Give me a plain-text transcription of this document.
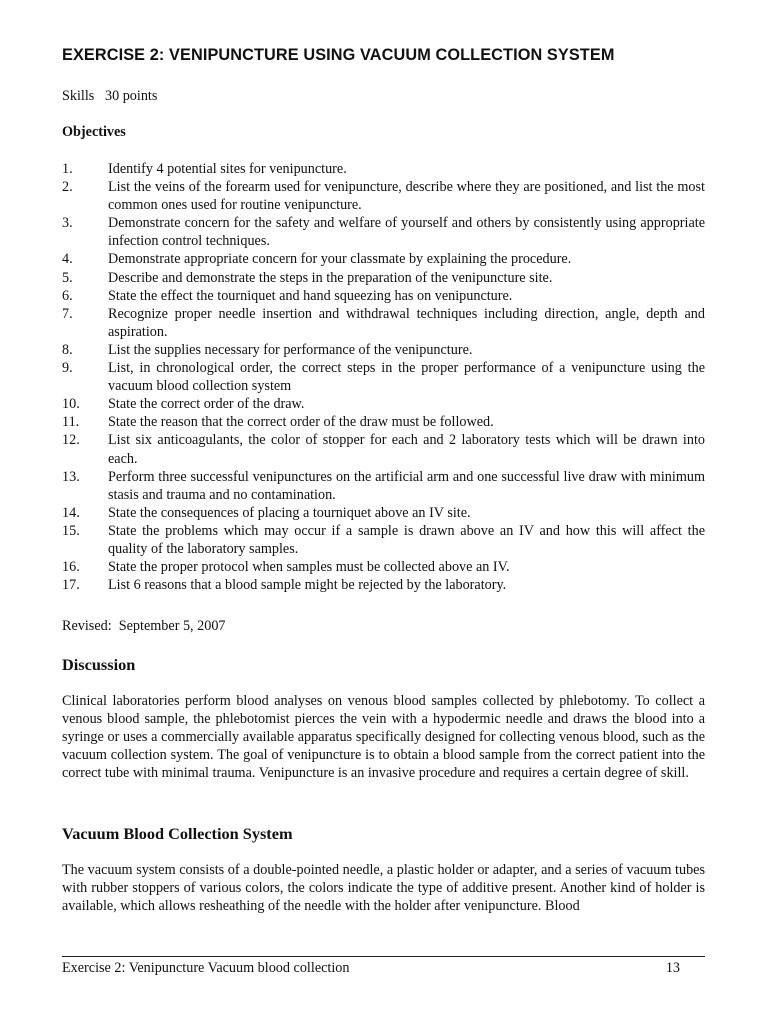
EXERCISE 2: VENIPUNCTURE USING VACUUM COLLECTION SYSTEM
Skills   30 points
Objectives
1.	Identify 4 potential sites for venipuncture.
2.	List the veins of the forearm used for venipuncture, describe where they are positioned, and list the most common ones used for routine venipuncture.
3.	Demonstrate concern for the safety and welfare of yourself and others by consistently using appropriate infection control techniques.
4.	Demonstrate appropriate concern for your classmate by explaining the procedure.
5.	Describe and demonstrate the steps in the preparation of the venipuncture site.
6.	State the effect the tourniquet and hand squeezing has on venipuncture.
7.	Recognize proper needle insertion and withdrawal techniques including direction, angle, depth and aspiration.
8.	List the supplies necessary for performance of the venipuncture.
9.	List, in chronological order, the correct steps in the proper performance of a venipuncture using the vacuum blood collection system
10.	State the correct order of the draw.
11.	State the reason that the correct order of the draw must be followed.
12.	List six anticoagulants, the color of stopper for each and 2 laboratory tests which will be drawn into each.
13.	Perform three successful venipunctures on the artificial arm and one successful live draw with minimum stasis and trauma and no contamination.
14.	State the consequences of placing a tourniquet above an IV site.
15.	State the problems which may occur if a sample is drawn above an IV and how this will affect the quality of the laboratory samples.
16.	State the proper protocol when samples must be collected above an IV.
17.	List 6 reasons that a blood sample might be rejected by the laboratory.
Revised:  September 5, 2007
Discussion

Clinical laboratories perform blood analyses on venous blood samples collected by phlebotomy. To collect a venous blood sample, the phlebotomist pierces the vein with a hypodermic needle and draws the blood into a syringe or uses a commercially available apparatus specifically designed for collecting venous blood, such as the vacuum collection system. The goal of venipuncture is to obtain a blood sample from the correct patient into the correct tube with minimal trauma. Venipuncture is an invasive procedure and requires a certain degree of skill.

Vacuum Blood Collection System

The vacuum system consists of a double-pointed needle, a plastic holder or adapter, and a series of vacuum tubes with rubber stoppers of various colors, the colors indicate the type of additive present. Another kind of holder is available, which allows resheathing of the needle with the holder after venipuncture. Blood

Exercise 2: Venipuncture Vacuum blood collection	13
